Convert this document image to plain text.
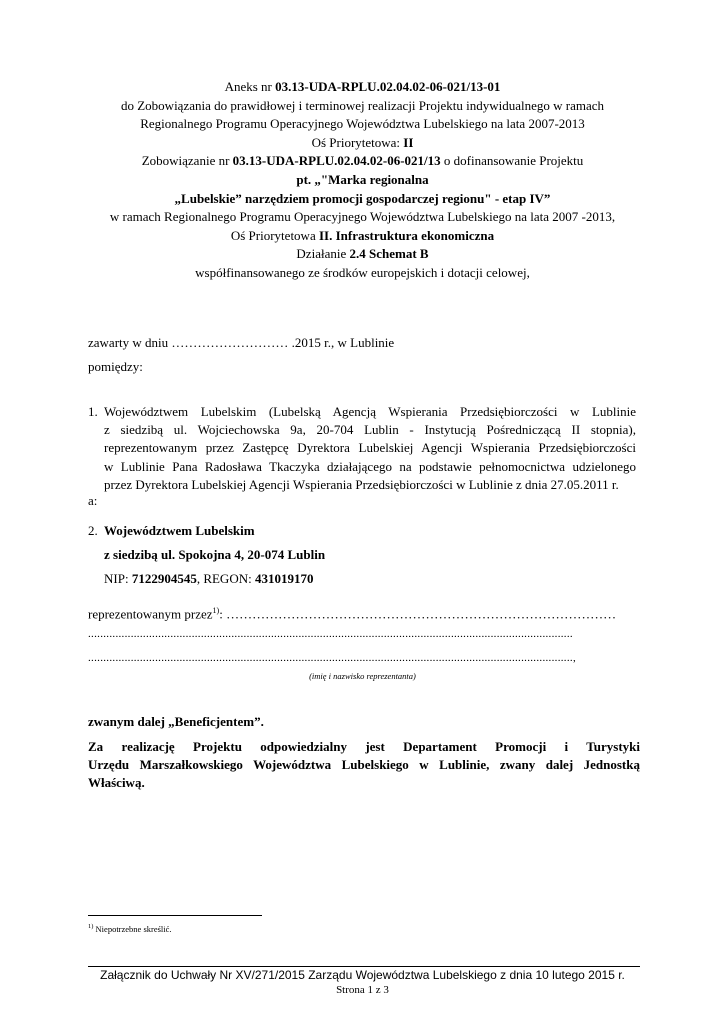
Aneks nr 03.13-UDA-RPLU.02.04.02-06-021/13-01
do Zobowiązania do prawidłowej i terminowej realizacji Projektu indywidualnego w ramach
Regionalnego Programu Operacyjnego Województwa Lubelskiego na lata 2007-2013
Oś Priorytetowa: II
Zobowiązanie nr 03.13-UDA-RPLU.02.04.02-06-021/13 o dofinansowanie Projektu
pt. „"Marka regionalna
„Lubelskie” narzędziem promocji gospodarczej regionu" - etap IV”
w ramach Regionalnego Programu Operacyjnego Województwa Lubelskiego na lata 2007 -2013,
Oś Priorytetowa II. Infrastruktura ekonomiczna
Działanie 2.4 Schemat B
współfinansowanego ze środków europejskich i dotacji celowej,
zawarty w dniu ……………………… .2015 r., w Lublinie
pomiędzy:
1. Województwem Lubelskim (Lubelską Agencją Wspierania Przedsiębiorczości w Lublinie
z siedzibą ul. Wojciechowska 9a, 20-704 Lublin - Instytucją Pośredniczącą II stopnia),
reprezentowanym przez Zastępcę Dyrektora Lubelskiej Agencji Wspierania Przedsiębiorczości
w Lublinie Pana Radosława Tkaczyka działającego na podstawie pełnomocnictwa udzielonego
przez Dyrektora Lubelskiej Agencji Wspierania Przedsiębiorczości w Lublinie z dnia 27.05.2011 r.
a:
2. Województwem Lubelskim
z siedzibą ul. Spokojna 4, 20-074 Lublin
NIP: 7122904545, REGON: 431019170
reprezentowanym przez$^{1)}$: ………………………………………………………………………………
...............................................................................................................................................................
...............................................................................................................................................................,
(imię i nazwisko reprezentanta)
zwanym dalej „Beneficjentem”.
Za realizację Projektu odpowiedzialny jest Departament Promocji i Turystyki
Urzędu Marszałkowskiego Województwa Lubelskiego w Lublinie, zwany dalej Jednostką
Właściwą.
$^{1)}$ Niepotrzebne skreślić.
Załącznik do Uchwały Nr XV/271/2015 Zarządu Województwa Lubelskiego z dnia 10 lutego 2015 r.
Strona 1 z 3
